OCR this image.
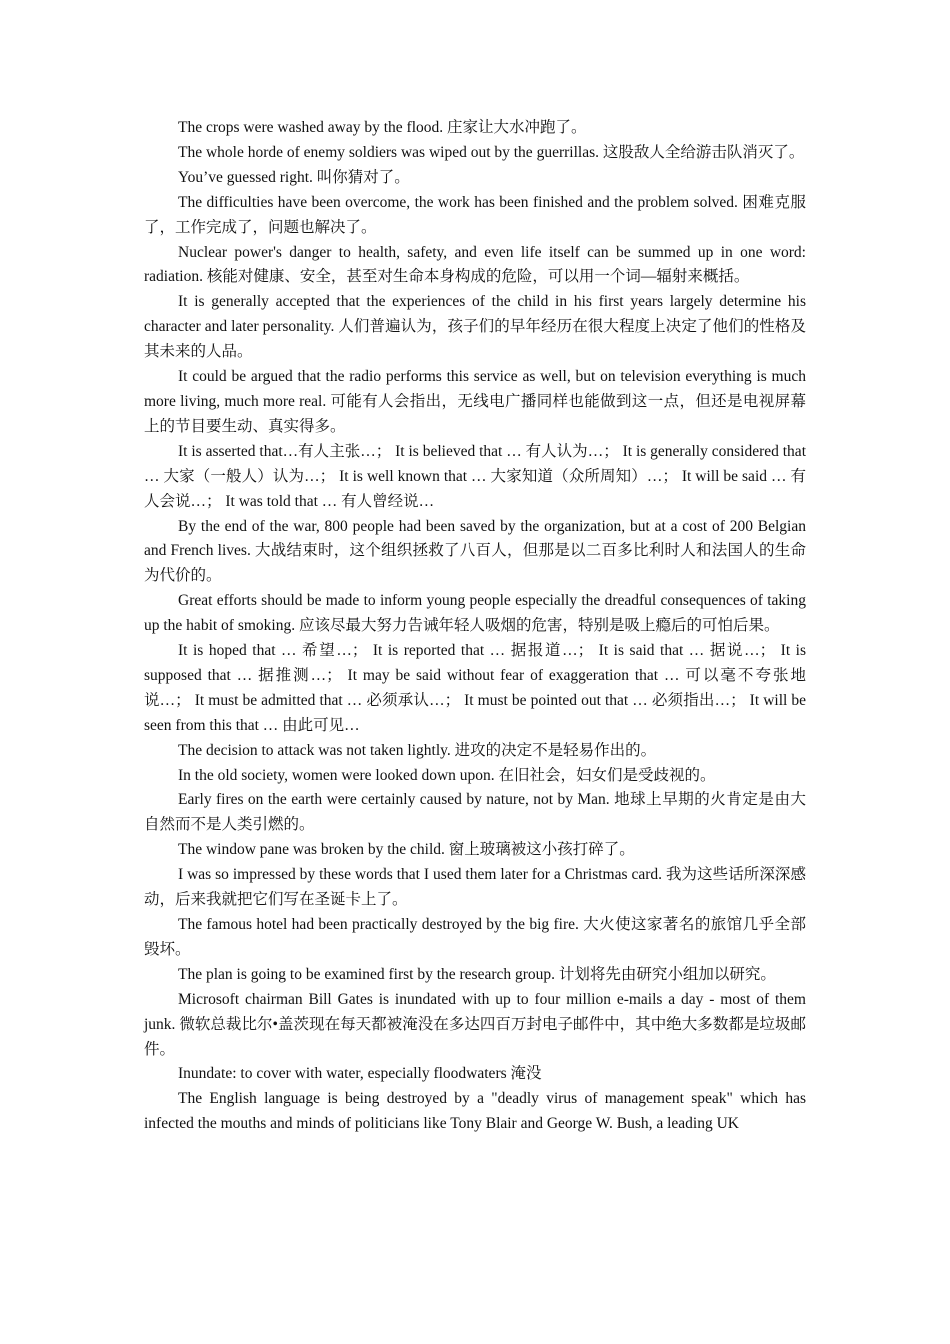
The crops were washed away by the flood. 庄家让大水冲跑了。

The whole horde of enemy soldiers was wiped out by the guerrillas. 这股敌人全给游击队消灭了。

You’ve guessed right. 叫你猜对了。

The difficulties have been overcome, the work has been finished and the problem solved. 困难克服了，工作完成了，问题也解决了。

Nuclear power's danger to health, safety, and even life itself can be summed up in one word: radiation. 核能对健康、安全，甚至对生命本身构成的危险，可以用一个词—辐射来概括。

It is generally accepted that the experiences of the child in his first years largely determine his character and later personality. 人们普遍认为，孩子们的早年经历在很大程度上决定了他们的性格及其未来的人品。

It could be argued that the radio performs this service as well, but on television everything is much more living, much more real. 可能有人会指出，无线电广播同样也能做到这一点，但还是电视屏幕上的节目要生动、真实得多。

It is asserted that…有人主张…； It is believed that … 有人认为…； It is generally considered that … 大家（一般人）认为…； It is well known that … 大家知道（众所周知）…； It will be said … 有人会说…； It was told that … 有人曾经说…

By the end of the war, 800 people had been saved by the organization, but at a cost of 200 Belgian and French lives. 大战结束时，这个组织拯救了八百人，但那是以二百多比利时人和法国人的生命为代价的。

Great efforts should be made to inform young people especially the dreadful consequences of taking up the habit of smoking. 应该尽最大努力告诫年轻人吸烟的危害，特别是吸上瘾后的可怕后果。

It is hoped that … 希望…； It is reported that … 据报道…； It is said that … 据说…； It is supposed that … 据推测…； It may be said without fear of exaggeration that … 可以毫不夸张地说…； It must be admitted that … 必须承认…； It must be pointed out that … 必须指出…； It will be seen from this that … 由此可见…

The decision to attack was not taken lightly. 进攻的决定不是轻易作出的。

In the old society, women were looked down upon. 在旧社会，妇女们是受歧视的。

Early fires on the earth were certainly caused by nature, not by Man. 地球上早期的火肯定是由大自然而不是人类引燃的。

The window pane was broken by the child. 窗上玻璃被这小孩打碎了。

I was so impressed by these words that I used them later for a Christmas card. 我为这些话所深深感动，后来我就把它们写在圣诞卡上了。

The famous hotel had been practically destroyed by the big fire. 大火使这家著名的旅馆几乎全部毁坏。

The plan is going to be examined first by the research group. 计划将先由研究小组加以研究。

Microsoft chairman Bill Gates is inundated with up to four million e-mails a day - most of them junk. 微软总裁比尔•盖茨现在每天都被淹没在多达四百万封电子邮件中，其中绝大多数都是垃圾邮件。

Inundate: to cover with water, especially floodwaters 淹没

The English language is being destroyed by a "deadly virus of management speak" which has infected the mouths and minds of politicians like Tony Blair and George W. Bush, a leading UK
